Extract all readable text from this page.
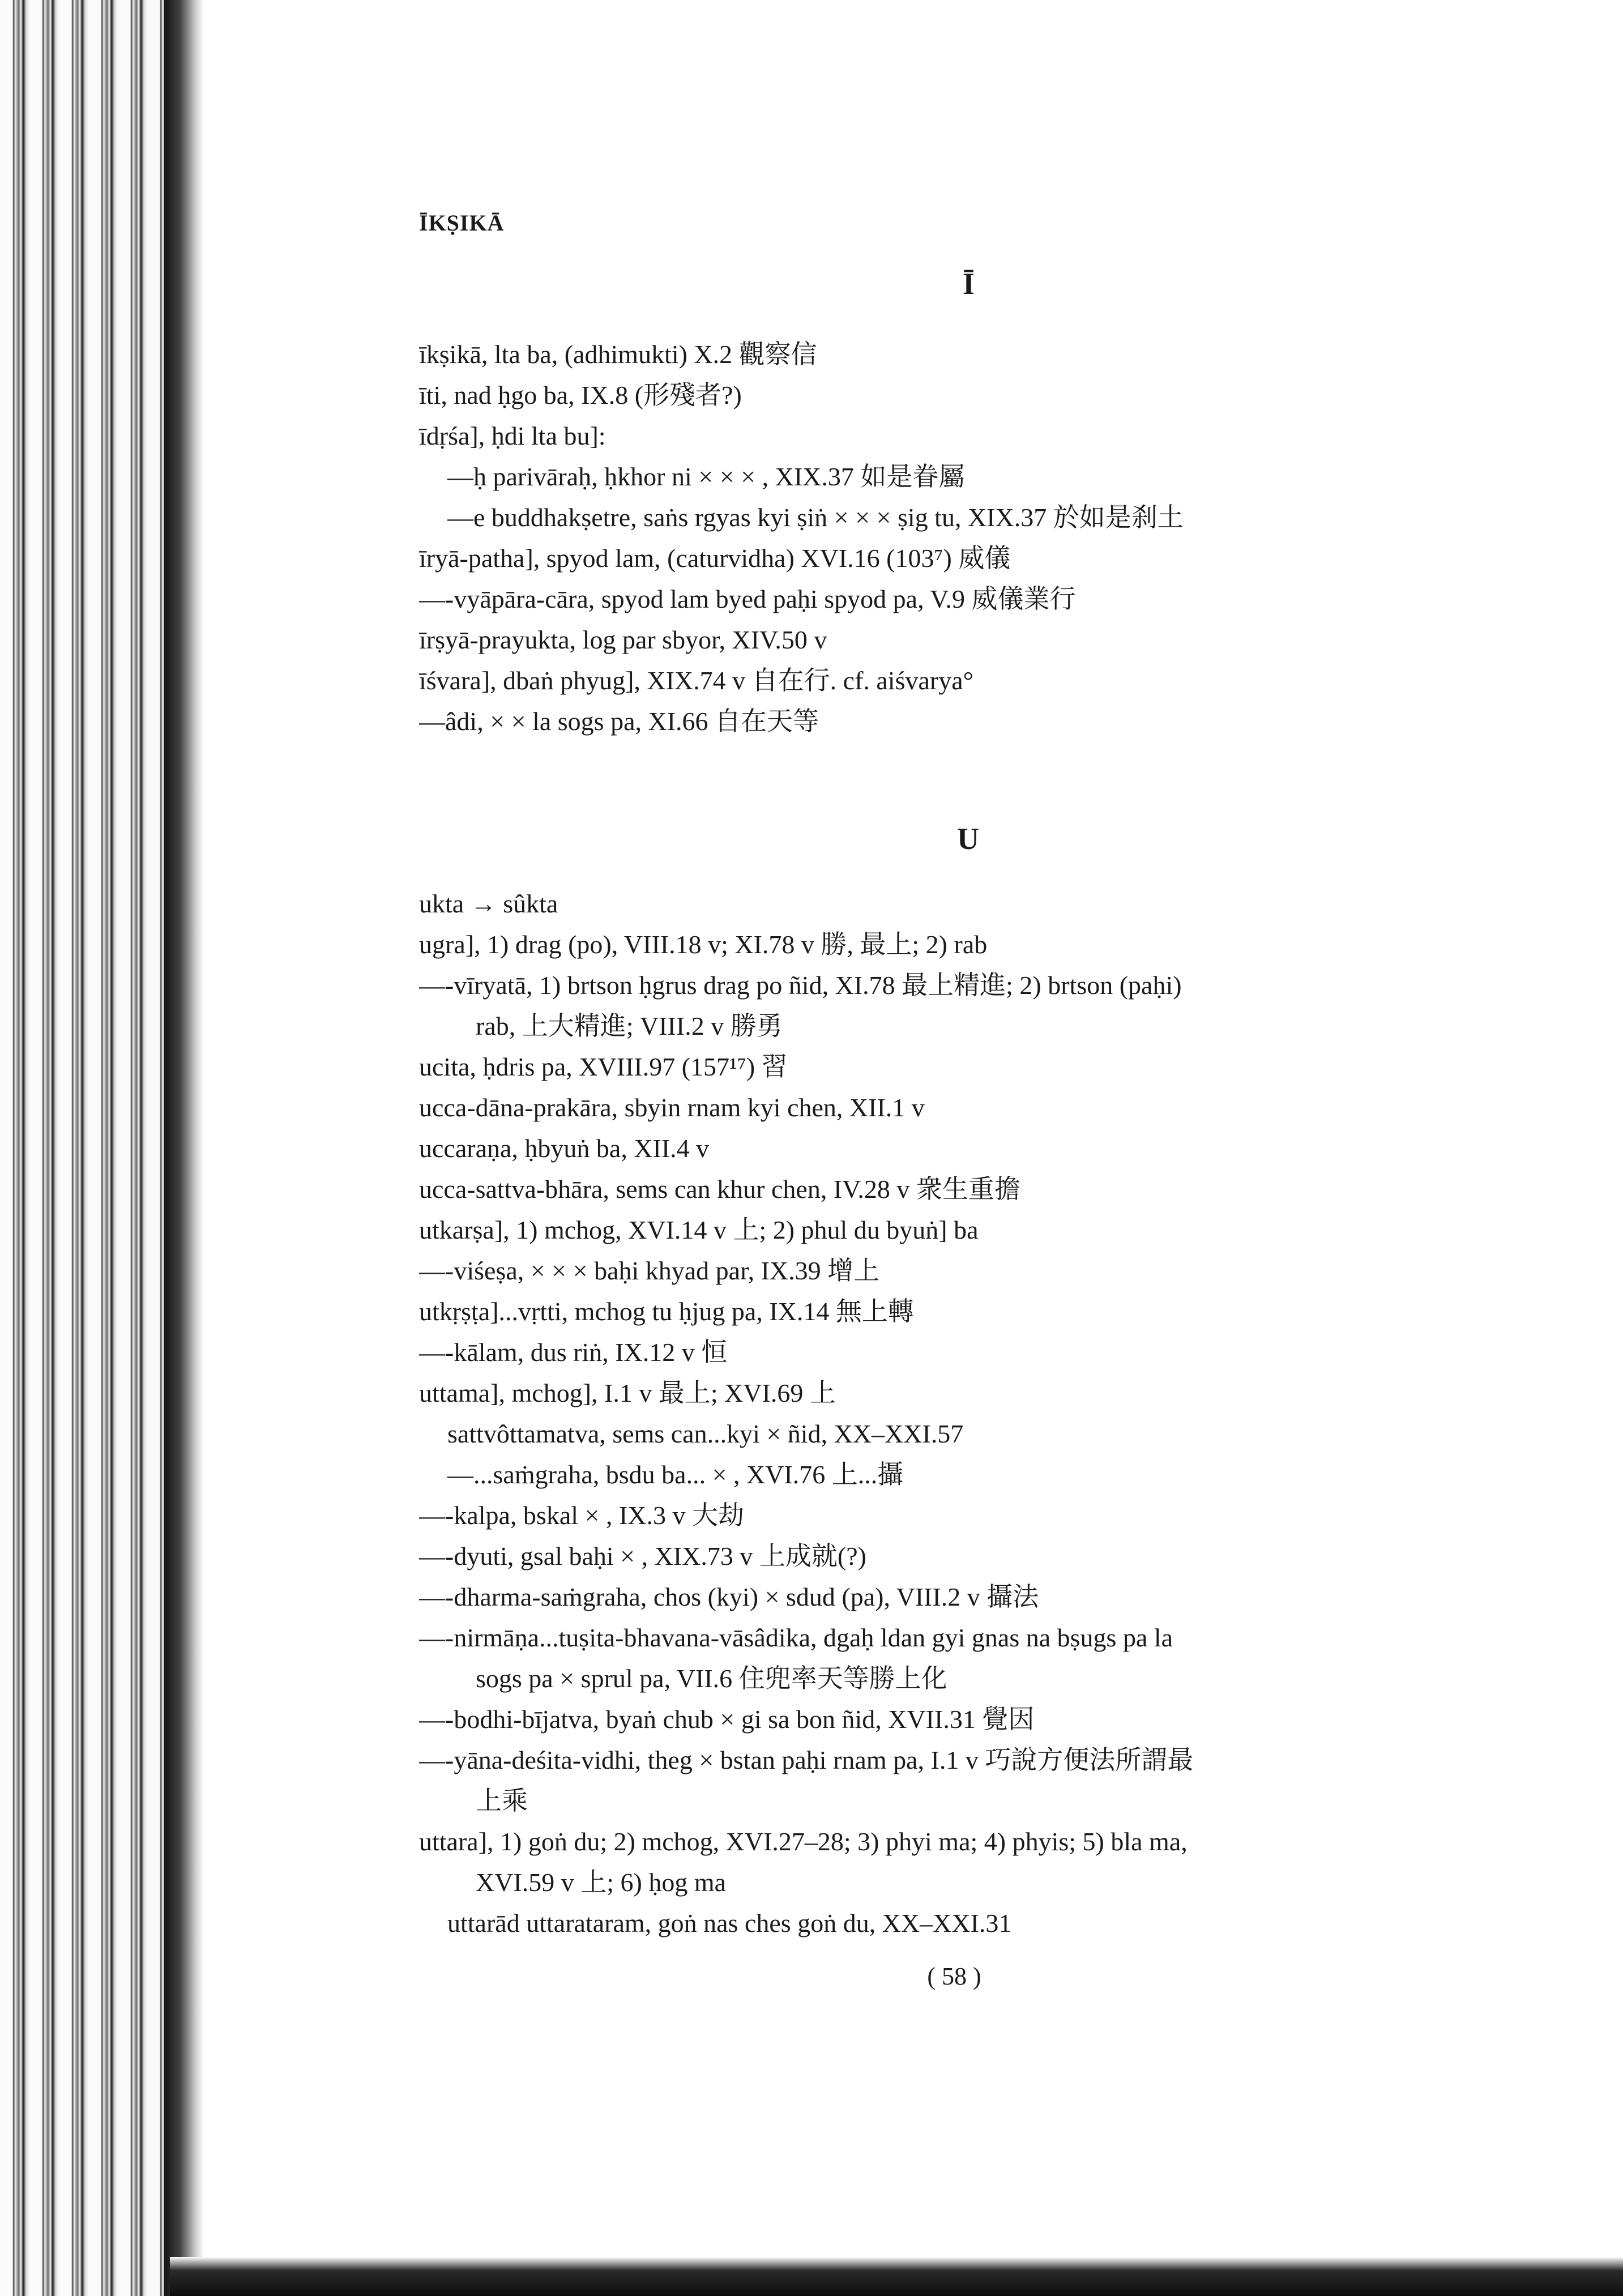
ĪKṢIKĀ
Ī
īkṣikā, lta ba, (adhimukti) X.2 觀察信
īti, nad ḥgo ba, IX.8 (形殘者?)
īdṛśa], ḥdi lta bu]:
—ḥ parivāraḥ, ḥkhor ni × × × , XIX.37 如是眷屬
—e buddhakṣetre, saṅs rgyas kyi ṣiṅ × × × ṣig tu, XIX.37 於如是刹土
īryā-patha], spyod lam, (caturvidha) XVI.16 (103⁷) 威儀
—-vyāpāra-cāra, spyod lam byed paḥi spyod pa, V.9 威儀業行
īrṣyā-prayukta, log par sbyor, XIV.50 v
īśvara], dbaṅ phyug], XIX.74 v 自在行. cf. aiśvarya°
—âdi, × × la sogs pa, XI.66 自在天等
U
ukta → sûkta
ugra], 1) drag (po), VIII.18 v; XI.78 v 勝, 最上; 2) rab
—-vīryatā, 1) brtson ḥgrus drag po ñid, XI.78 最上精進; 2) brtson (paḥi)
rab, 上大精進; VIII.2 v 勝勇
ucita, ḥdris pa, XVIII.97 (157¹⁷) 習
ucca-dāna-prakāra, sbyin rnam kyi chen, XII.1 v
uccaraṇa, ḥbyuṅ ba, XII.4 v
ucca-sattva-bhāra, sems can khur chen, IV.28 v 衆生重擔
utkarṣa], 1) mchog, XVI.14 v 上; 2) phul du byuṅ] ba
—-viśeṣa, × × × baḥi khyad par, IX.39 增上
utkṛṣṭa]...vṛtti, mchog tu ḥjug pa, IX.14 無上轉
—-kālam, dus riṅ, IX.12 v 恒
uttama], mchog], I.1 v 最上; XVI.69 上
sattvôttamatva, sems can...kyi × ñid, XX–XXI.57
—...saṁgraha, bsdu ba... × , XVI.76 上...攝
—-kalpa, bskal × , IX.3 v 大劫
—-dyuti, gsal baḥi × , XIX.73 v 上成就(?)
—-dharma-saṁgraha, chos (kyi) × sdud (pa), VIII.2 v 攝法
—-nirmāṇa...tuṣita-bhavana-vāsâdika, dgaḥ ldan gyi gnas na bṣugs pa la
sogs pa × sprul pa, VII.6 住兜率天等勝上化
—-bodhi-bījatva, byaṅ chub × gi sa bon ñid, XVII.31 覺因
—-yāna-deśita-vidhi, theg × bstan paḥi rnam pa, I.1 v 巧說方便法所謂最
上乘
uttara], 1) goṅ du; 2) mchog, XVI.27–28; 3) phyi ma; 4) phyis; 5) bla ma,
XVI.59 v 上; 6) ḥog ma
uttarād uttarataram, goṅ nas ches goṅ du, XX–XXI.31
( 58 )
